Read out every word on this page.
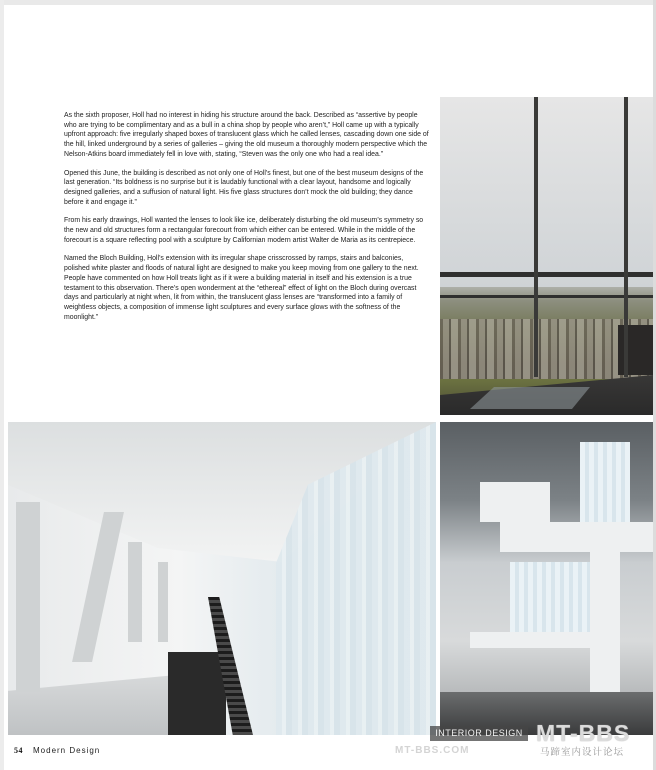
As the sixth proposer, Holl had no interest in hiding his structure around the back. Described as “assertive by people who are trying to be complimentary and as a bull in a china shop by people who aren’t,” Holl came up with a typically upfront approach: five irregularly shaped boxes of translucent glass which he called lenses, cascading down one side of the hill, linked underground by a series of galleries – giving the old museum a thoroughly modern perspective which the Nelson-Atkins board immediately fell in love with, stating, “Steven was the only one who had a real idea.”

Opened this June, the building is described as not only one of Holl’s finest, but one of the best museum designs of the last generation. “Its boldness is no surprise but it is laudably functional with a clear layout, handsome and logically designed galleries, and a suffusion of natural light. His five glass structures don’t mock the old building; they dance before it and engage it.”

From his early drawings, Holl wanted the lenses to look like ice, deliberately disturbing the old museum’s symmetry so the new and old structures form a rectangular forecourt from which either can be entered. While in the middle of the forecourt is a square reflecting pool with a sculpture by Californian modern artist Walter de Maria as its centrepiece.

Named the Bloch Building, Holl’s extension with its irregular shape crisscrossed by ramps, stairs and balconies, polished white plaster and floods of natural light are designed to make you keep moving from one gallery to the next. People have commented on how Holl treats light as if it were a building material in itself and his extension is a true testament to this observation. There’s open wonderment at the “ethereal” effect of light on the Bloch during overcast days and particularly at night when, lit from within, the translucent glass lenses are “transformed into a family of weightless objects, a composition of immense light sculptures and every surface glows with the softness of the moonlight.”

54 Modern Design	MT-BBS.COM
INTERIOR DESIGN MT-BBS
马蹄室内设计论坛
